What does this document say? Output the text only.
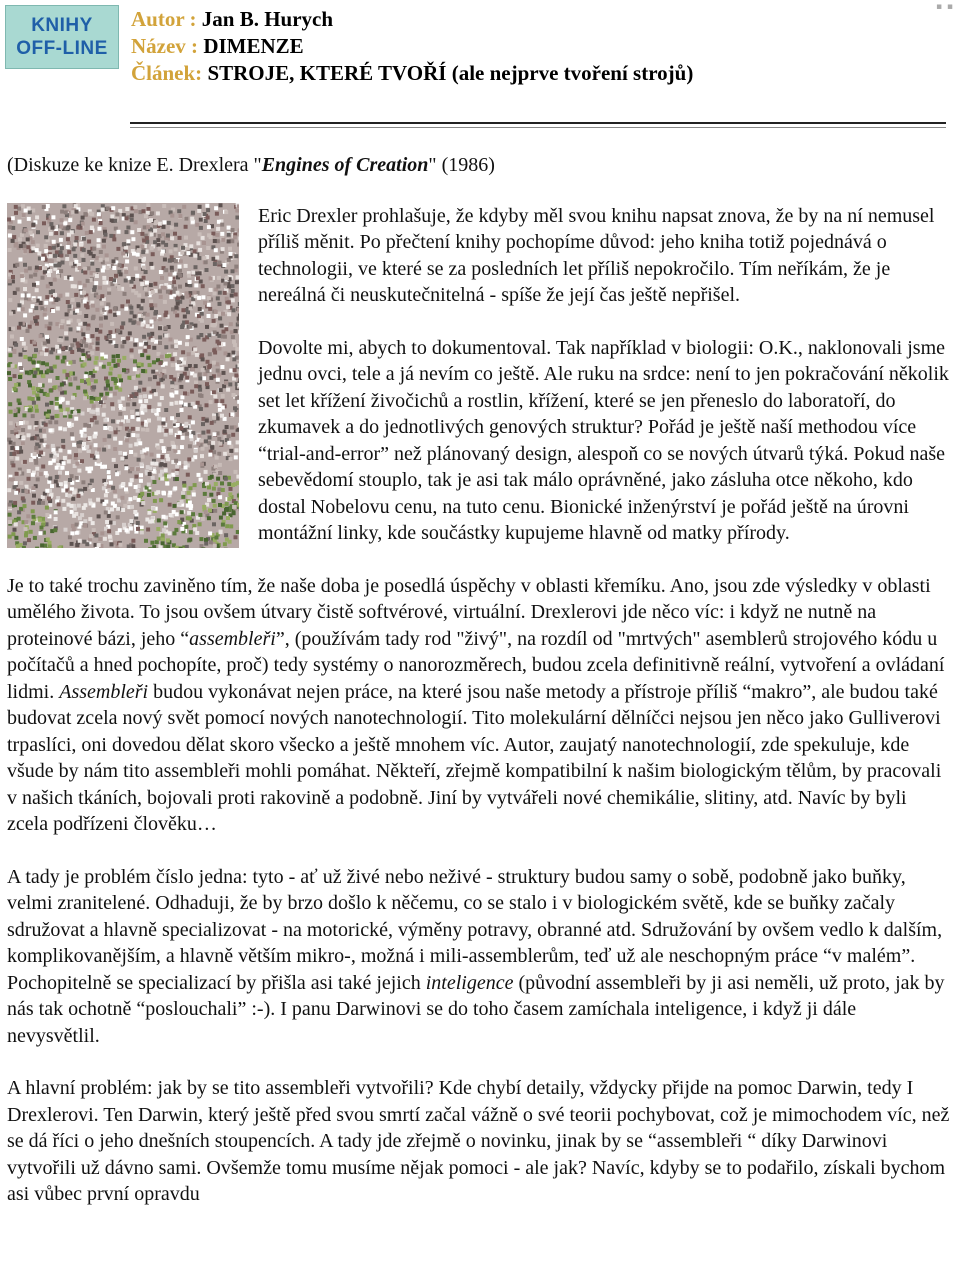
KNIHY
OFF-LINE
▪ ▪
Autor : Jan B. Hurych
Název : DIMENZE
Článek: STROJE, KTERÉ TVOŘÍ (ale nejprve tvoření strojů)

(Diskuze ke knize E. Drexlera "Engines of Creation" (1986)

Eric Drexler prohlašuje, že kdyby měl svou knihu napsat znova, že by na ní nemusel příliš měnit. Po přečtení knihy pochopíme důvod: jeho kniha totiž pojednává o technologii, ve které se za posledních let příliš nepokročilo. Tím neříkám, že je nereálná či neuskutečnitelná - spíše že její čas ještě nepřišel.

Dovolte mi, abych to dokumentoval. Tak například v biologii: O.K., naklonovali jsme jednu ovci, tele a já nevím co ještě. Ale ruku na srdce: není to jen pokračování několik set let křížení živočichů a rostlin, křížení, které se jen přeneslo do laboratoří, do zkumavek a do jednotlivých genových struktur? Pořád je ještě naší methodou více “trial-and-error” než plánovaný design, alespoň co se nových útvarů týká. Pokud naše sebevědomí stouplo, tak je asi tak málo oprávněné, jako zásluha otce někoho, kdo dostal Nobelovu cenu, na tuto cenu. Bionické inženýrství je pořád ještě na úrovni montážní linky, kde součástky kupujeme hlavně od matky přírody.

Je to také trochu zaviněno tím, že naše doba je posedlá úspěchy v oblasti křemíku. Ano, jsou zde výsledky v oblasti umělého života. To jsou ovšem útvary čistě softvérové, virtuální. Drexlerovi jde něco víc: i když ne nutně na proteinové bázi, jeho “assembleři”, (používám tady rod "živý", na rozdíl od "mrtvých" asemblerů strojového kódu u počítačů a hned pochopíte, proč) tedy systémy o nanorozměrech, budou zcela definitivně reální, vytvoření a ovládaní lidmi. Assembleři budou vykonávat nejen práce, na které jsou naše metody a přístroje příliš “makro”, ale budou také budovat zcela nový svět pomocí nových nanotechnologií. Tito molekulární dělníčci nejsou jen něco jako Gulliverovi trpaslíci, oni dovedou dělat skoro všecko a ještě mnohem víc. Autor, zaujatý nanotechnologií, zde spekuluje, kde všude by nám tito assembleři mohli pomáhat. Někteří, zřejmě kompatibilní k našim biologickým tělům, by pracovali v našich tkáních, bojovali proti rakovině a podobně. Jiní by vytvářeli nové chemikálie, slitiny, atd. Navíc by byli zcela podřízeni člověku…

A tady je problém číslo jedna: tyto - ať už živé nebo neživé - struktury budou samy o sobě, podobně jako buňky, velmi zranitelené. Odhaduji, že by brzo došlo k něčemu, co se stalo i v biologickém světě, kde se buňky začaly sdružovat a hlavně specializovat - na motorické, výměny potravy, obranné atd. Sdružování by ovšem vedlo k dalším, komplikovanějším, a hlavně větším mikro-, možná i mili-assemblerům, teď už ale neschopným práce “v malém”. Pochopitelně se specializací by přišla asi také jejich inteligence (původní assembleři by ji asi neměli, už proto, jak by nás tak ochotně “poslouchali” :-). I panu Darwinovi se do toho časem zamíchala inteligence, i když ji dále nevysvětlil.

A hlavní problém: jak by se tito assembleři vytvořili? Kde chybí detaily, vždycky přijde na pomoc Darwin, tedy I Drexlerovi. Ten Darwin, který ještě před svou smrtí začal vážně o své teorii pochybovat, což je mimochodem víc, než se dá říci o jeho dnešních stoupencích. A tady jde zřejmě o novinku, jinak by se “assembleři “ díky Darwinovi vytvořili už dávno sami. Ovšemže tomu musíme nějak pomoci - ale jak? Navíc, kdyby se to podařilo, získali bychom asi vůbec první opravdu
